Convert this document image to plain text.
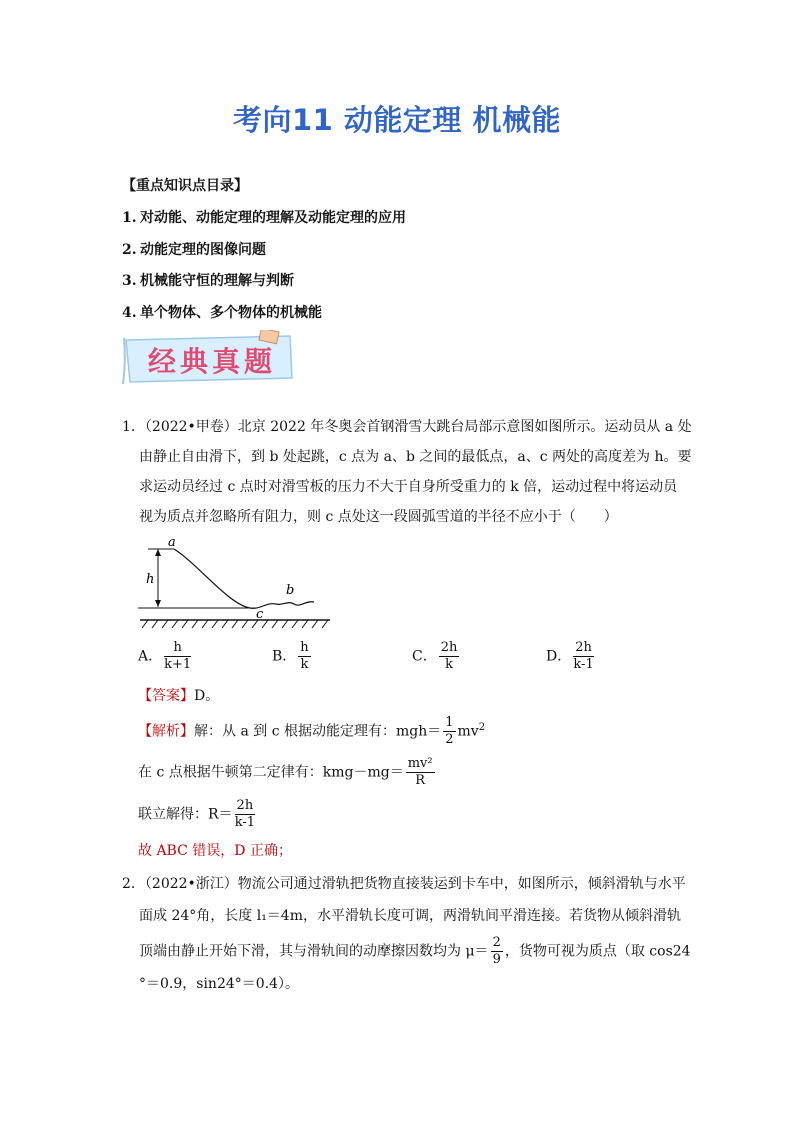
考向11 动能定理 机械能
【重点知识点目录】
1. 对动能、动能定理的理解及动能定理的应用
2. 动能定理的图像问题
3. 机械能守恒的理解与判断
4. 单个物体、多个物体的机械能
经典真题
1．（2022•甲卷）北京 2022 年冬奥会首钢滑雪大跳台局部示意图如图所示。运动员从 a 处
由静止自由滑下，到 b 处起跳，c 点为 a、b 之间的最低点，a、c 两处的高度差为 h。要
求运动员经过 c 点时对滑雪板的压力不大于自身所受重力的 k 倍，运动过程中将运动员
视为质点并忽略所有阻力，则 c 点处这一段圆弧雪道的半径不应小于（　　）
a
h
b
c
A． $\frac{h}{k+1}$	B． $\frac{h}{k}$	C． $\frac{2h}{k}$	D． $\frac{2h}{k-1}$
【答案】D。
【解析】解：从 a 到 c 根据动能定理有：$mgh= \frac{1}{2} mv^2$
在 c 点根据牛顿第二定律有：$kmg-mg= \frac{\text{mv²}}{R}$
联立解得：$R= \frac{2h}{k-1}$
故 ABC 错误，D 正确；
2．（2022•浙江）物流公司通过滑轨把货物直接装运到卡车中，如图所示，倾斜滑轨与水平
面成 24°角，长度 l₁＝4m，水平滑轨长度可调，两滑轨间平滑连接。若货物从倾斜滑轨
顶端由静止开始下滑，其与滑轨间的动摩擦因数均为 $\mu= \frac{2}{9}$ ，货物可视为质点（取 cos24
°＝0.9，sin24°＝0.4）。
